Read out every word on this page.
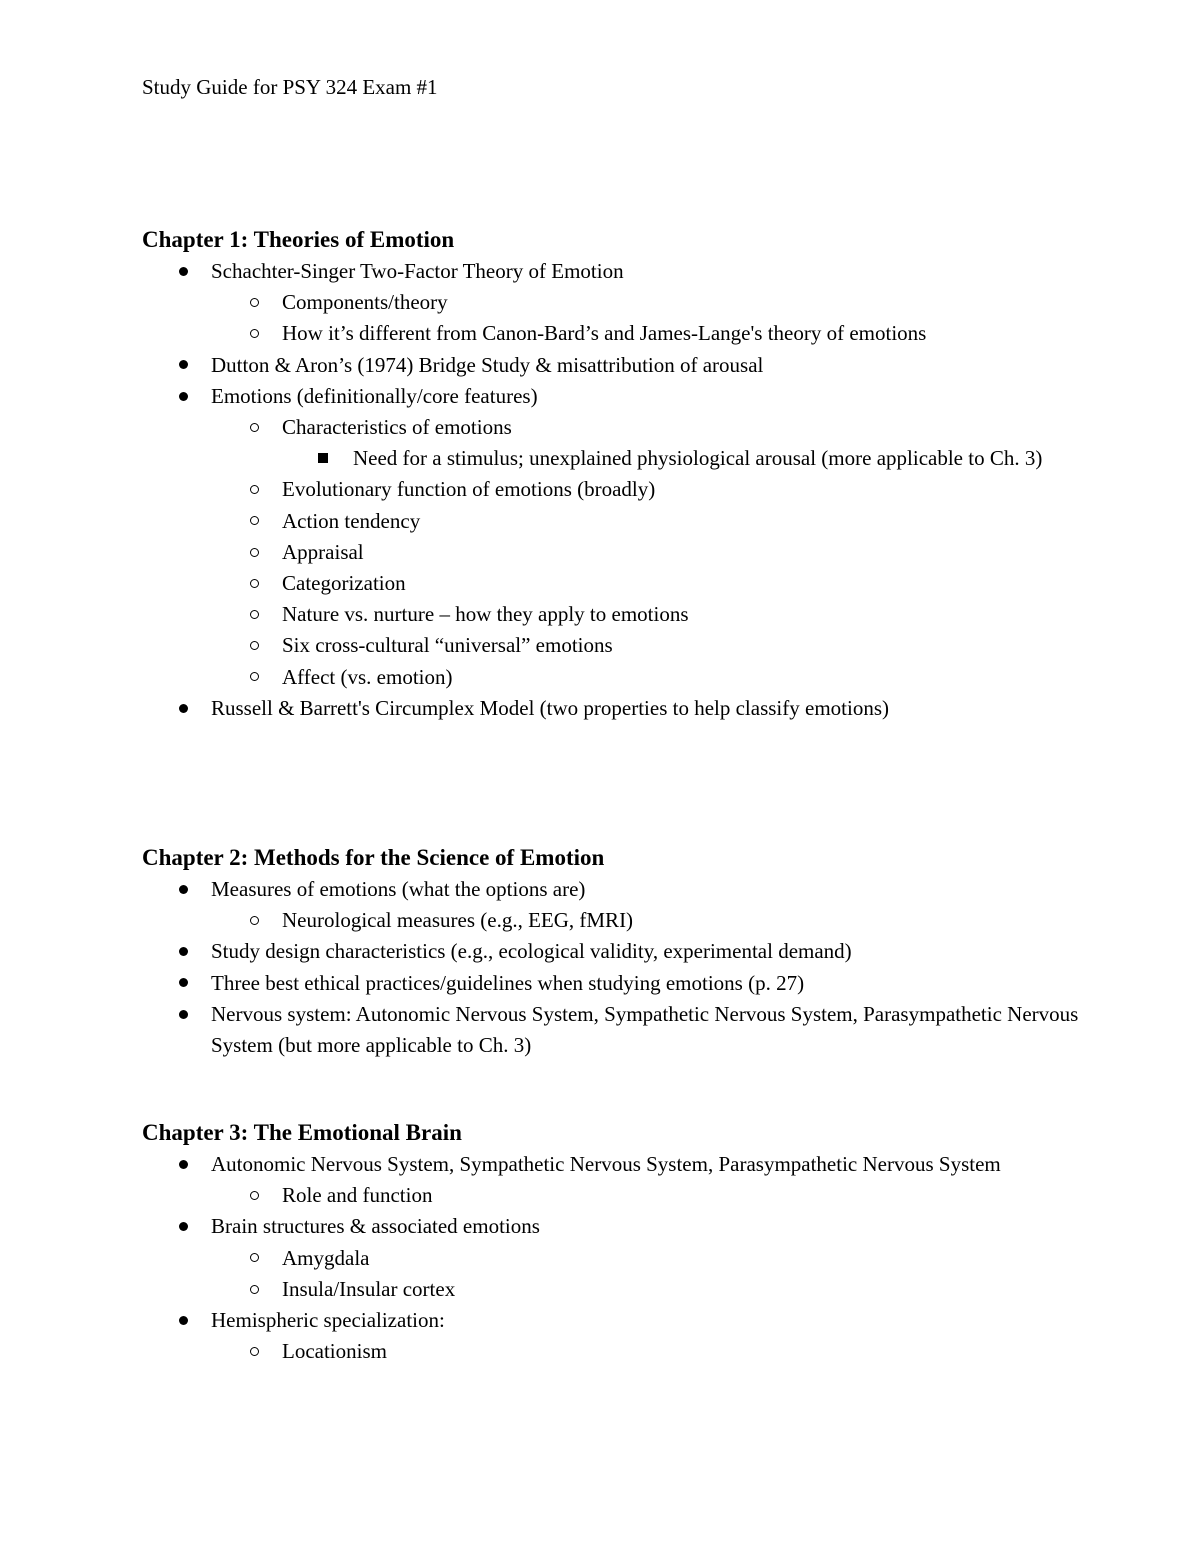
Study Guide for PSY 324 Exam #1
Chapter 1: Theories of Emotion
Schachter-Singer Two-Factor Theory of Emotion
Components/theory
How it’s different from Canon-Bard’s and James-Lange's theory of emotions
Dutton & Aron’s (1974) Bridge Study & misattribution of arousal
Emotions (definitionally/core features)
Characteristics of emotions
Need for a stimulus; unexplained physiological arousal (more applicable to Ch. 3)
Evolutionary function of emotions (broadly)
Action tendency
Appraisal
Categorization
Nature vs. nurture – how they apply to emotions
Six cross-cultural “universal” emotions
Affect (vs. emotion)
Russell & Barrett's Circumplex Model (two properties to help classify emotions)
Chapter 2: Methods for the Science of Emotion
Measures of emotions (what the options are)
Neurological measures (e.g., EEG, fMRI)
Study design characteristics (e.g., ecological validity, experimental demand)
Three best ethical practices/guidelines when studying emotions (p. 27)
Nervous system: Autonomic Nervous System, Sympathetic Nervous System, Parasympathetic Nervous System (but more applicable to Ch. 3)
Chapter 3: The Emotional Brain
Autonomic Nervous System, Sympathetic Nervous System, Parasympathetic Nervous System
Role and function
Brain structures & associated emotions
Amygdala
Insula/Insular cortex
Hemispheric specialization:
Locationism
